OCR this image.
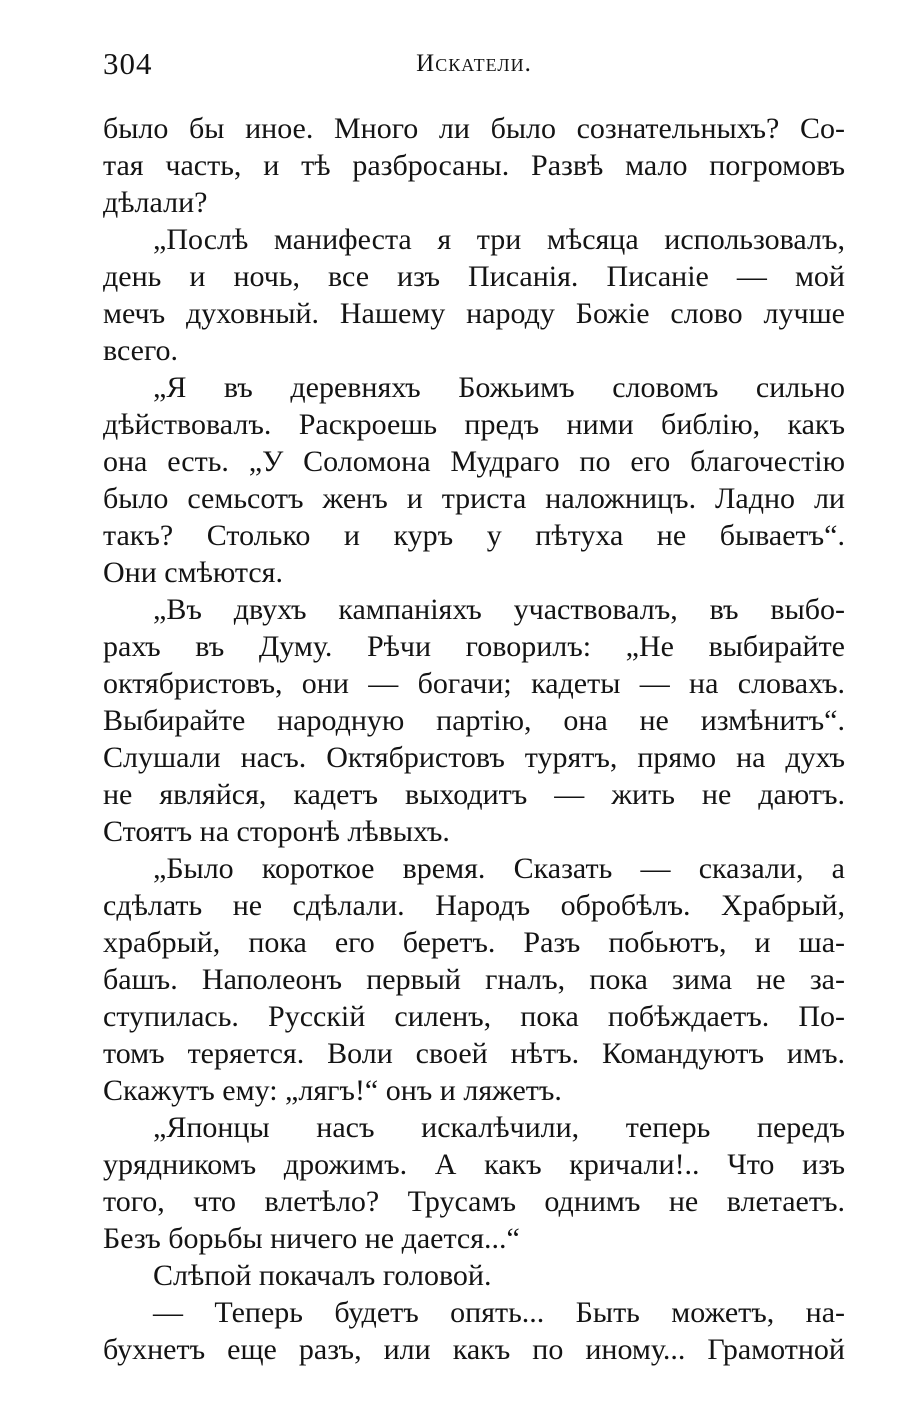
304	Искатели.
было бы иное. Много ли было сознательныхъ? Со-
тая часть, и тѣ разбросаны. Развѣ мало погромовъ
дѣлали?
„Послѣ манифеста я три мѣсяца использовалъ,
день и ночь, все изъ Писанія. Писаніе — мой
мечъ духовный. Нашему народу Божіе слово лучше
всего.
„Я въ деревняхъ Божьимъ словомъ сильно
дѣйствовалъ. Раскроешь предъ ними библію, какъ
она есть. „У Соломона Мудраго по его благочестію
было семьсотъ женъ и триста наложницъ. Ладно ли
такъ? Столько и куръ у пѣтуха не бываетъ“.
Они смѣются.
„Въ двухъ кампаніяхъ участвовалъ, въ выбо-
рахъ въ Думу. Рѣчи говорилъ: „Не выбирайте
октябристовъ, они — богачи; кадеты — на словахъ.
Выбирайте народную партію, она не измѣнитъ“.
Слушали насъ. Октябристовъ турятъ, прямо на духъ
не являйся, кадетъ выходитъ — жить не даютъ.
Стоятъ на сторонѣ лѣвыхъ.
„Было короткое время. Сказать — сказали, а
сдѣлать не сдѣлали. Народъ обробѣлъ. Храбрый,
храбрый, пока его беретъ. Разъ побьютъ, и ша-
башъ. Наполеонъ первый гналъ, пока зима не за-
ступилась. Русскій силенъ, пока побѣждаетъ. По-
томъ теряется. Воли своей нѣтъ. Командуютъ имъ.
Скажутъ ему: „лягъ!“ онъ и ляжетъ.
„Японцы насъ искалѣчили, теперь передъ
урядникомъ дрожимъ. А какъ кричали!.. Что изъ
того, что влетѣло? Трусамъ однимъ не влетаетъ.
Безъ борьбы ничего не дается...“
Слѣпой покачалъ головой.
— Теперь будетъ опять... Быть можетъ, на-
бухнетъ еще разъ, или какъ по иному... Грамотной
